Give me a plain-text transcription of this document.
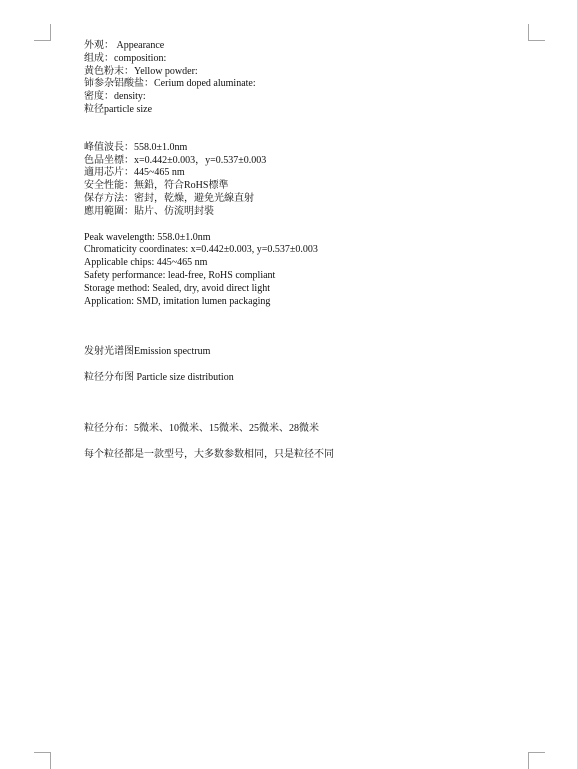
外观： Appearance
组成：composition:
黄色粉末：Yellow powder:
铈参杂铝酸盐：Cerium doped aluminate:
密度：density:
粒径particle size
峰值波長：558.0±1.0nm
色品坐標：x=0.442±0.003，y=0.537±0.003
適用芯片：445~465 nm
安全性能：無鉛，符合RoHS標準
保存方法：密封，乾燥，避免光線直射
應用範圍：貼片、仿流明封裝
Peak wavelength: 558.0±1.0nm
Chromaticity coordinates: x=0.442±0.003, y=0.537±0.003
Applicable chips: 445~465 nm
Safety performance: lead-free, RoHS compliant
Storage method: Sealed, dry, avoid direct light
Application: SMD, imitation lumen packaging
发射光谱图Emission spectrum
粒径分布图 Particle size distribution
粒径分布：5微米、10微米、15微米、25微米、28微米
每个粒径都是一款型号，大多数参数相同，只是粒径不同
